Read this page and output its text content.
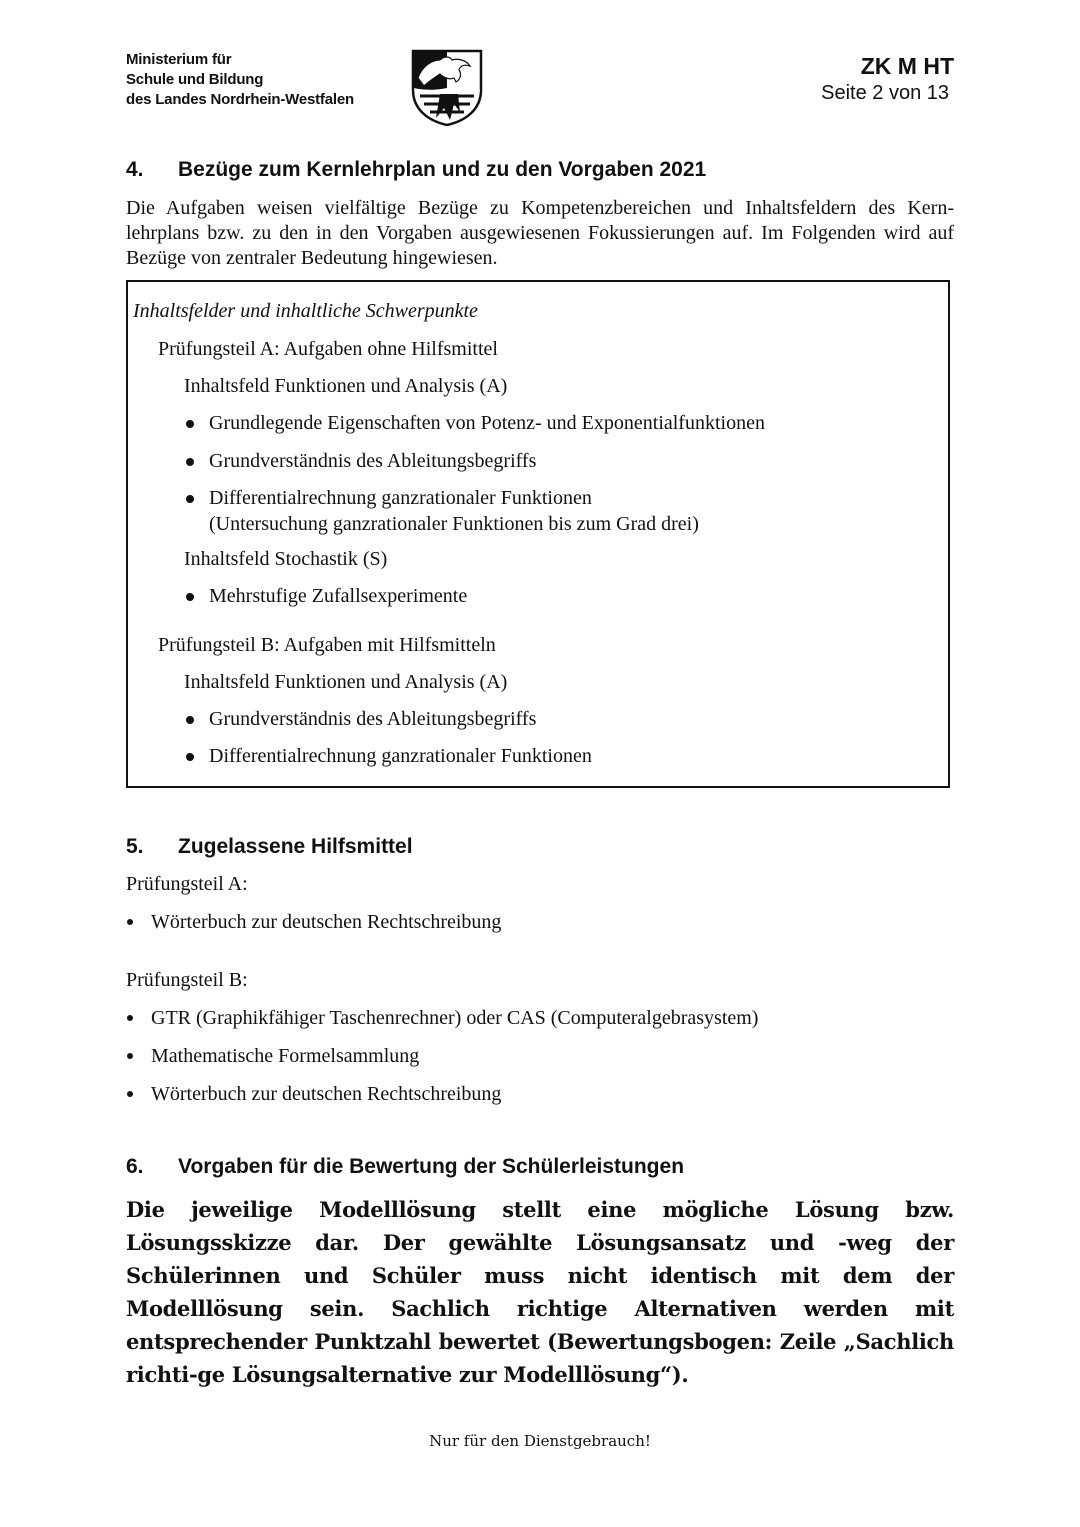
Ministerium für
Schule und Bildung
des Landes Nordrhein-Westfalen
ZK M HT
Seite 2 von 13
4. Bezüge zum Kernlehrplan und zu den Vorgaben 2021
Die Aufgaben weisen vielfältige Bezüge zu Kompetenzbereichen und Inhaltsfeldern des Kern-lehrplans bzw. zu den in den Vorgaben ausgewiesenen Fokussierungen auf. Im Folgenden wird auf Bezüge von zentraler Bedeutung hingewiesen.
Inhaltsfelder und inhaltliche Schwerpunkte
Prüfungsteil A: Aufgaben ohne Hilfsmittel
Inhaltsfeld Funktionen und Analysis (A)
Grundlegende Eigenschaften von Potenz- und Exponentialfunktionen
Grundverständnis des Ableitungsbegriffs
Differentialrechnung ganzrationaler Funktionen
(Untersuchung ganzrationaler Funktionen bis zum Grad drei)
Inhaltsfeld Stochastik (S)
Mehrstufige Zufallsexperimente
Prüfungsteil B: Aufgaben mit Hilfsmitteln
Inhaltsfeld Funktionen und Analysis (A)
Grundverständnis des Ableitungsbegriffs
Differentialrechnung ganzrationaler Funktionen
5. Zugelassene Hilfsmittel
Prüfungsteil A:
Wörterbuch zur deutschen Rechtschreibung
Prüfungsteil B:
GTR (Graphikfähiger Taschenrechner) oder CAS (Computeralgebrasystem)
Mathematische Formelsammlung
Wörterbuch zur deutschen Rechtschreibung
6. Vorgaben für die Bewertung der Schülerleistungen
Die jeweilige Modelllösung stellt eine mögliche Lösung bzw. Lösungsskizze dar. Der gewählte Lösungsansatz und -weg der Schülerinnen und Schüler muss nicht identisch mit dem der Modelllösung sein. Sachlich richtige Alternativen werden mit entsprechender Punktzahl bewertet (Bewertungsbogen: Zeile „Sachlich richti-ge Lösungsalternative zur Modelllösung“).
Nur für den Dienstgebrauch!
